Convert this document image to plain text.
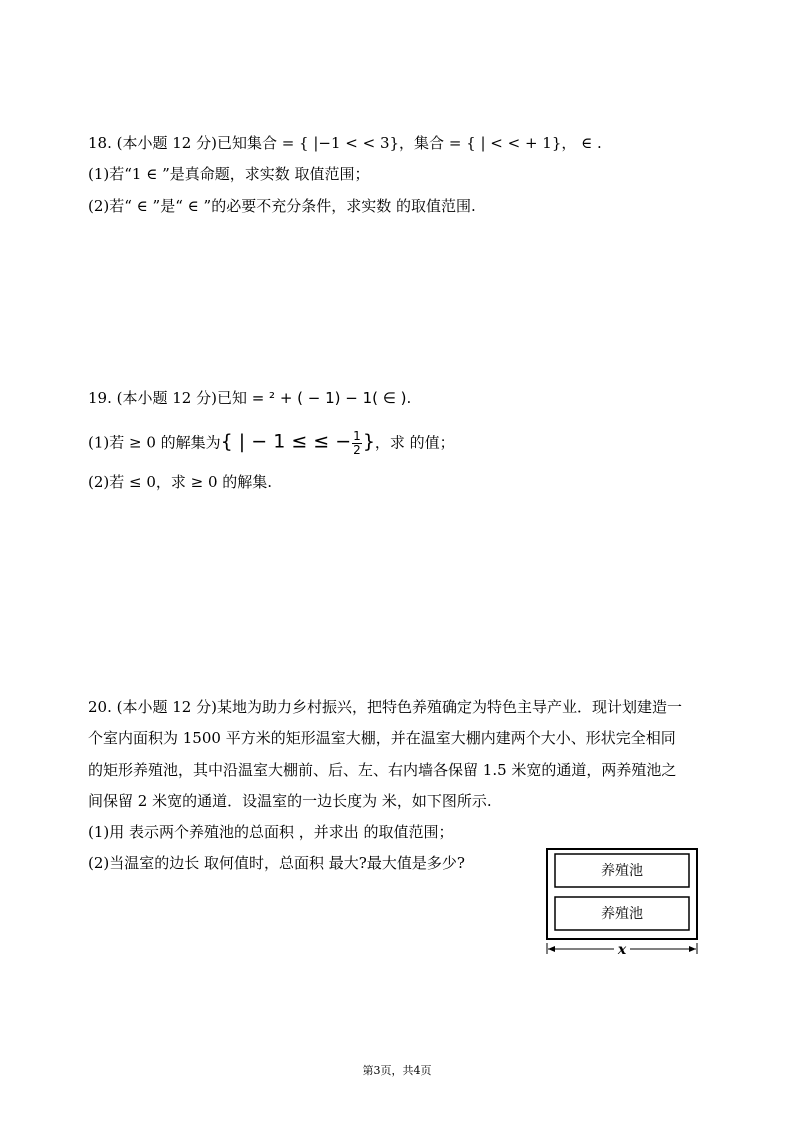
18. (本小题 12 分)已知集合 = { |−1 < < 3}，集合 = { | < < + 1}， ∈ .
(1)若“1 ∈ ”是真命题，求实数 取值范围；
(2)若“ ∈ ”是“ ∈ ”的必要不充分条件，求实数 的取值范围.
19. (本小题 12 分)已知 = ² + ( − 1) − 1( ∈ ).
(1)若 ≥ 0 的解集为{ | − 1 ≤ ≤ − $\frac{1}{2}$ }，求 的值；
(2)若 ≤ 0，求 ≥ 0 的解集.
20. (本小题 12 分)某地为助力乡村振兴，把特色养殖确定为特色主导产业．现计划建造一
个室内面积为 1500 平方米的矩形温室大棚，并在温室大棚内建两个大小、形状完全相同
的矩形养殖池，其中沿温室大棚前、后、左、右内墙各保留 1.5 米宽的通道，两养殖池之
间保留 2 米宽的通道．设温室的一边长度为 米，如下图所示.
(1)用 表示两个养殖池的总面积 ，并求出 的取值范围；
(2)当温室的边长 取何值时，总面积 最大?最大值是多少?	养殖池
养殖池
x
第3页，共4页
